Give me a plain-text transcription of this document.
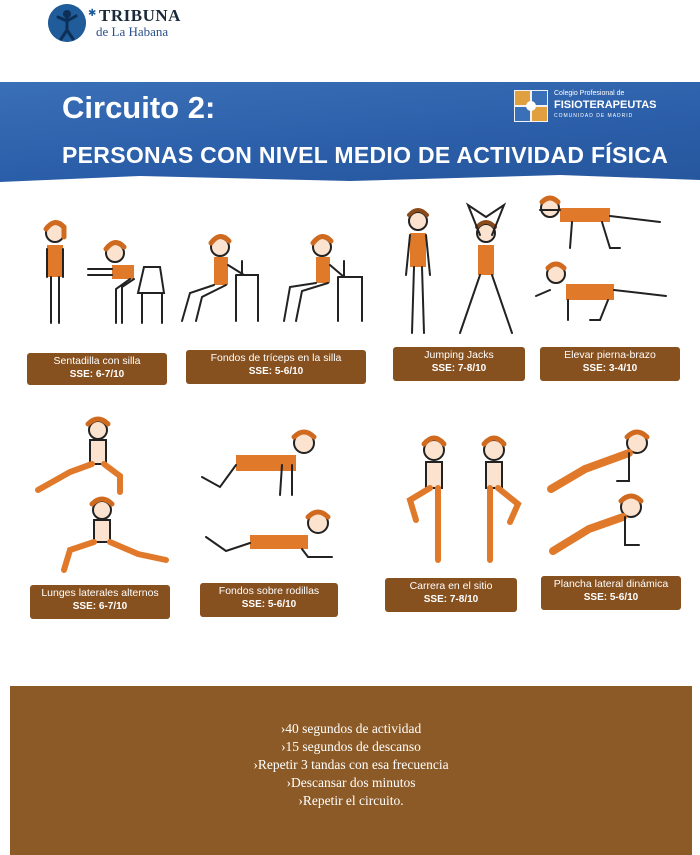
✱ TRIBUNA
de La Habana
Circuito 2:
PERSONAS CON NIVEL MEDIO DE ACTIVIDAD FÍSICA
Colegio Profesional de
FISIOTERAPEUTAS
COMUNIDAD DE MADRID
Sentadilla con silla
SSE: 6-7/10
Fondos de tríceps en la silla
SSE: 5-6/10
Jumping Jacks
SSE: 7-8/10
Elevar pierna-brazo
SSE: 3-4/10
Lunges laterales alternos
SSE: 6-7/10
Fondos sobre rodillas
SSE: 5-6/10
Carrera en el sitio
SSE: 7-8/10
Plancha lateral dinámica
SSE: 5-6/10
›40 segundos de actividad
›15 segundos de descanso
›Repetir 3 tandas con esa frecuencia
›Descansar dos minutos
›Repetir el circuito.
